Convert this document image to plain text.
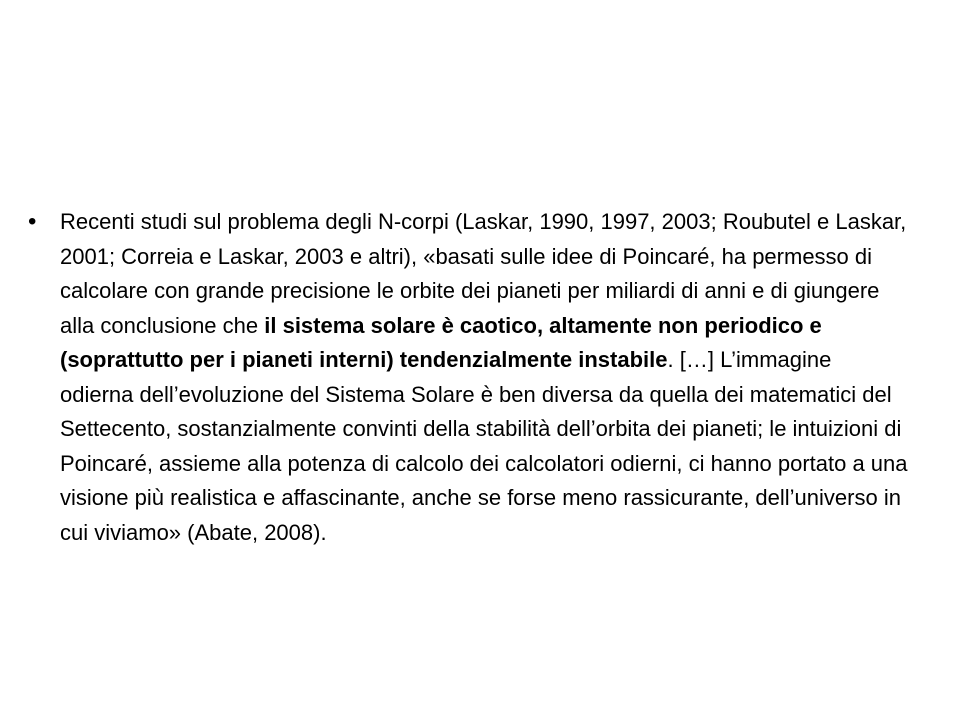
•	Recenti studi sul problema degli N-corpi (Laskar, 1990, 1997, 2003; Roubutel e Laskar, 2001; Correia e Laskar, 2003 e altri), «basati sulle idee di Poincaré, ha permesso di calcolare con grande precisione le orbite dei pianeti per miliardi di anni e di giungere alla conclusione che il sistema solare è caotico, altamente non periodico e (soprattutto per i pianeti interni) tendenzialmente instabile. […] L’immagine odierna dell’evoluzione del Sistema Solare è ben diversa da quella dei matematici del Settecento, sostanzialmente convinti della stabilità dell’orbita dei pianeti; le intuizioni di Poincaré, assieme alla potenza di calcolo dei calcolatori odierni, ci hanno portato a una visione più realistica e affascinante, anche se forse meno rassicurante, dell’universo in cui viviamo» (Abate, 2008).
